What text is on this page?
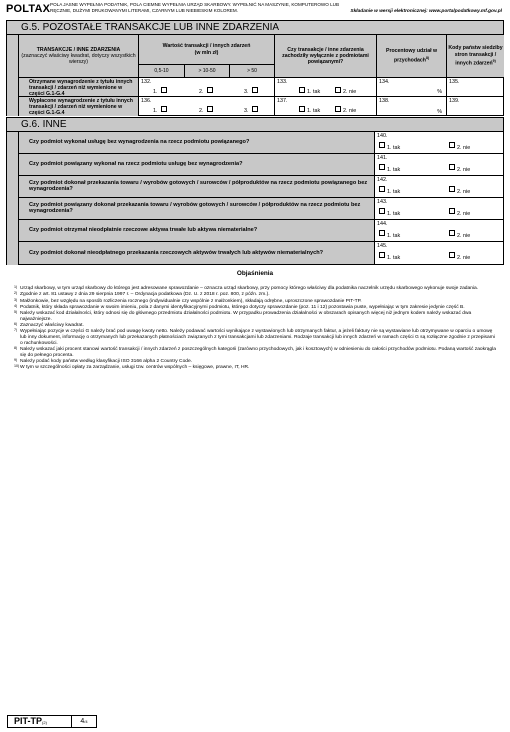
POLTAX POLA JASNE WYPEŁNIA PODATNIK, POLA CIEMNE WYPEŁNIA URZĄD SKARBOWY. WYPEŁNIĆ NA MASZYNIE, KOMPUTEROWO LUB RĘCZNIE, DUŻYMI DRUKOWANYMI LITERAMI, CZARNYM LUB NIEBIESKIM KOLOREM.	Składanie w wersji elektronicznej: www.portalpodatkowy.mf.gov.pl
G.5. POZOSTAŁE TRANSAKCJE LUB INNE ZDARZENIA
TRANSAKCJE / INNE ZDARZENIA
(zaznaczyć właściwy kwadrat, dotyczy wszystkich wierszy)
Wartość transakcji / innych zdarzeń
(w mln zł)
0,5-10	> 10-50	> 50
Czy transakcje / inne zdarzenia zachodziły wyłącznie z podmiotami powiązanymi?
Procentowy udział w przychodach$^{8)}$
Kody państw siedziby stron transakcji / innych zdarzeń$^{9)}$
Otrzymane wynagrodzenie z tytułu innych transakcji / zdarzeń niż wymienione w części G.1-G.4
132.
1.	2.	3.
133.
1. tak	2. nie
134.
%
135.
Wypłacone wynagrodzenie z tytułu innych transakcji / zdarzeń niż wymienione w części G.1-G.4
136.
1.	2.	3.
137.
1. tak	2. nie
138.
%
139.
G.6. INNE
Czy podmiot wykonał usługę bez wynagrodzenia na rzecz podmiotu powiązanego?
140.
1. tak	2. nie
Czy podmiot powiązany wykonał na rzecz podmiotu usługę bez wynagrodzenia?
141.
1. tak	2. nie
Czy podmiot dokonał przekazania towaru / wyrobów gotowych / surowców / półproduktów na rzecz podmiotu powiązanego bez wynagrodzenia?
142.
1. tak	2. nie
Czy podmiot powiązany dokonał przekazania towaru / wyrobów gotowych / surowców / półproduktów na rzecz podmiotu bez wynagrodzenia?
143.
1. tak	2. nie
Czy podmiot otrzymał nieodpłatnie rzeczowe aktywa trwałe lub aktywa niematerialne?
144.
1. tak	2. nie
Czy podmiot dokonał nieodpłatnego przekazania rzeczowych aktywów trwałych lub aktywów niematerialnych?
145.
1. tak	2. nie
Objaśnienia
1) Urząd skarbowy, w tym urząd skarbowy do którego jest adresowane sprawozdanie – oznacza urząd skarbowy, przy pomocy którego właściwy dla podatnika naczelnik urzędu skarbowego wykonuje swoje zadania.
2) Zgodnie z art. 81 ustawy z dnia 29 sierpnia 1997 r. – Ordynacja podatkowa (Dz. U. z 2018 r. poz. 800, z późn. zm.).
3) Małżonkowie, bez względu na sposób rozliczenia rocznego (indywidualnie czy wspólnie z małżonkiem), składają odrębne, uproszczone sprawozdanie PIT-TP.
4) Podatnik, który składa sprawozdanie w swoim imieniu, pola z danymi identyfikacyjnymi podmiotu, którego dotyczy sprawozdanie (poz. 11 i 12) pozostawia puste, wypełniając w tym zakresie jedynie część B.
5) Należy wskazać kod działalności, który odnosi się do głównego przedmiotu działalności podmiotu. W przypadku prowadzenia działalności w obszarach opisanych więcej niż jednym kodem należy wskazać dwa najważniejsze.
6) Zaznaczyć właściwy kwadrat.
7) Wypełniając pozycje w części G należy brać pod uwagę kwoty netto. Należy podawać wartości wynikające z wystawionych lub otrzymanych faktur, a jeżeli faktury nie są wystawiane lub otrzymywane w oparciu o umowę lub inny dokument, informację o otrzymanych lub przekazanych płatnościach związanych z tymi transakcjami lub zdarzeniami. Rodzaje transakcji lub innych zdarzeń w ramach części G są rozłączne zgodnie z przepisami o rachunkowości.
8) Należy wskazać jaki procent stanowi wartość transakcji / innych zdarzeń z poszczególnych kategorii (zarówno przychodowych, jak i kosztowych) w odniesieniu do całości przychodów podmiotu. Podaną wartość zaokrągla się do pełnego procenta.
9) Należy podać kody państw według klasyfikacji ISO 3166 alpha 2 Country Code.
10) W tym w szczególności opłaty za zarządzanie, usługi tzw. centrów wspólnych – księgowe, prawne, IT, HR.
PIT-TP(2)	4/4
